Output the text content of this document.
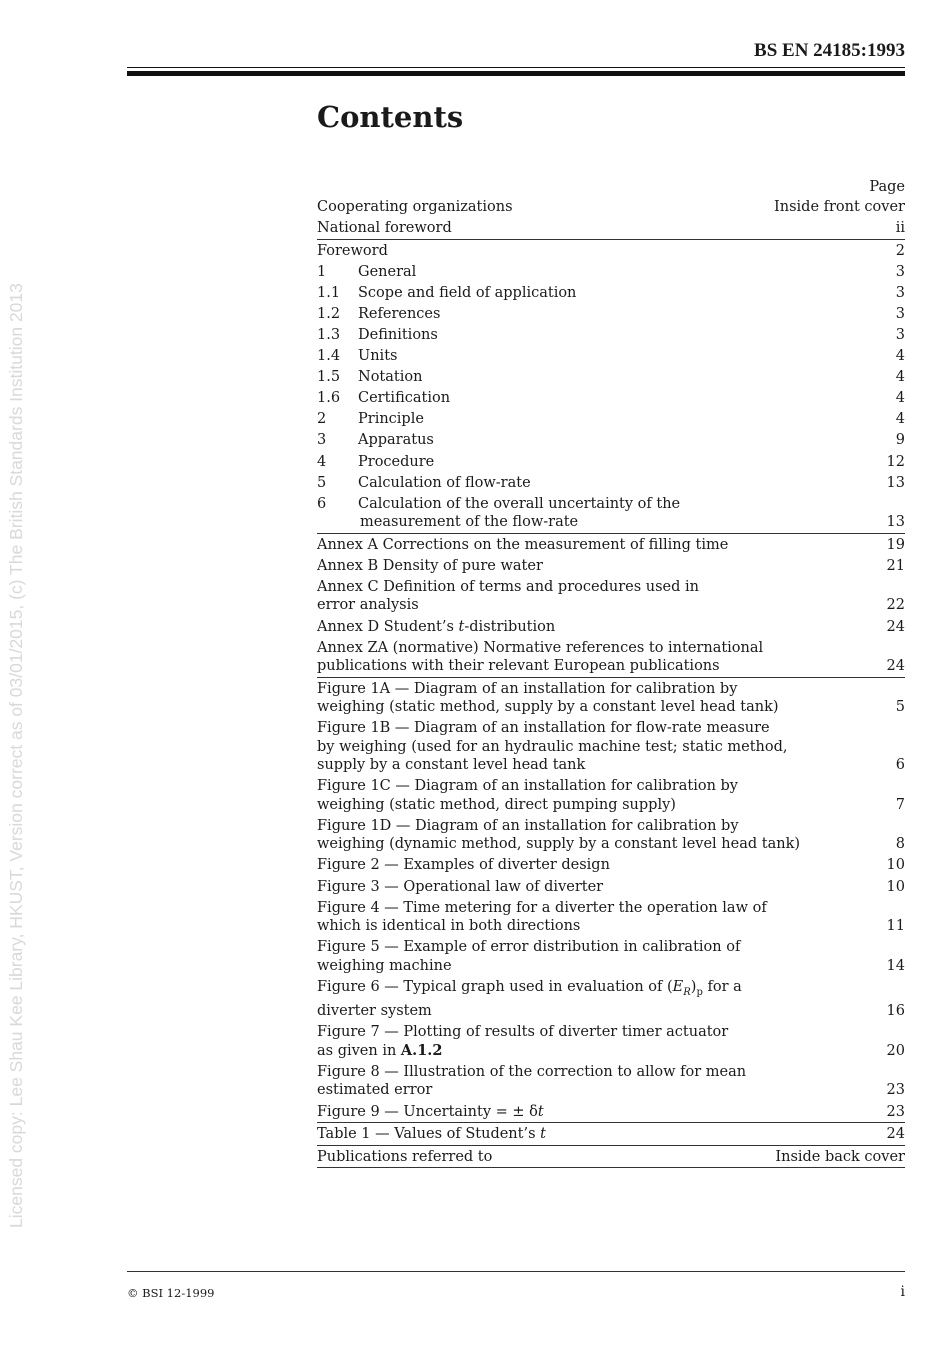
BS EN 24185:1993
Licensed copy: Lee Shau Kee Library, HKUST, Version correct as of 03/01/2015, (c) The British Standards Institution 2013
Contents
Page
Cooperating organizations	Inside front cover
National foreword	ii
Foreword	2
1 General	3
1.1 Scope and field of application	3
1.2 References	3
1.3 Definitions	3
1.4 Units	4
1.5 Notation	4
1.6 Certification	4
2 Principle	4
3 Apparatus	9
4 Procedure	12
5 Calculation of flow-rate	13
6 Calculation of the overall uncertainty of the
measurement of the flow-rate	13
Annex A Corrections on the measurement of filling time	19
Annex B Density of pure water	21
Annex C Definition of terms and procedures used in
error analysis	22
Annex D Student’s t-distribution	24
Annex ZA (normative) Normative references to international
publications with their relevant European publications	24
Figure 1A — Diagram of an installation for calibration by
weighing (static method, supply by a constant level head tank)	5
Figure 1B — Diagram of an installation for flow-rate measure
by weighing (used for an hydraulic machine test; static method,
supply by a constant level head tank	6
Figure 1C — Diagram of an installation for calibration by
weighing (static method, direct pumping supply)	7
Figure 1D — Diagram of an installation for calibration by
weighing (dynamic method, supply by a constant level head tank)	8
Figure 2 — Examples of diverter design	10
Figure 3 — Operational law of diverter	10
Figure 4 — Time metering for a diverter the operation law of
which is identical in both directions	11
Figure 5 — Example of error distribution in calibration of
weighing machine	14
Figure 6 — Typical graph used in evaluation of $(E_R)_p$ for a
diverter system	16
Figure 7 — Plotting of results of diverter timer actuator
as given in A.1.2	20
Figure 8 — Illustration of the correction to allow for mean
estimated error	23
Figure 9 — Uncertainty = ± δt	23
Table 1 — Values of Student’s t	24
Publications referred to	Inside back cover
© BSI 12-1999	i
